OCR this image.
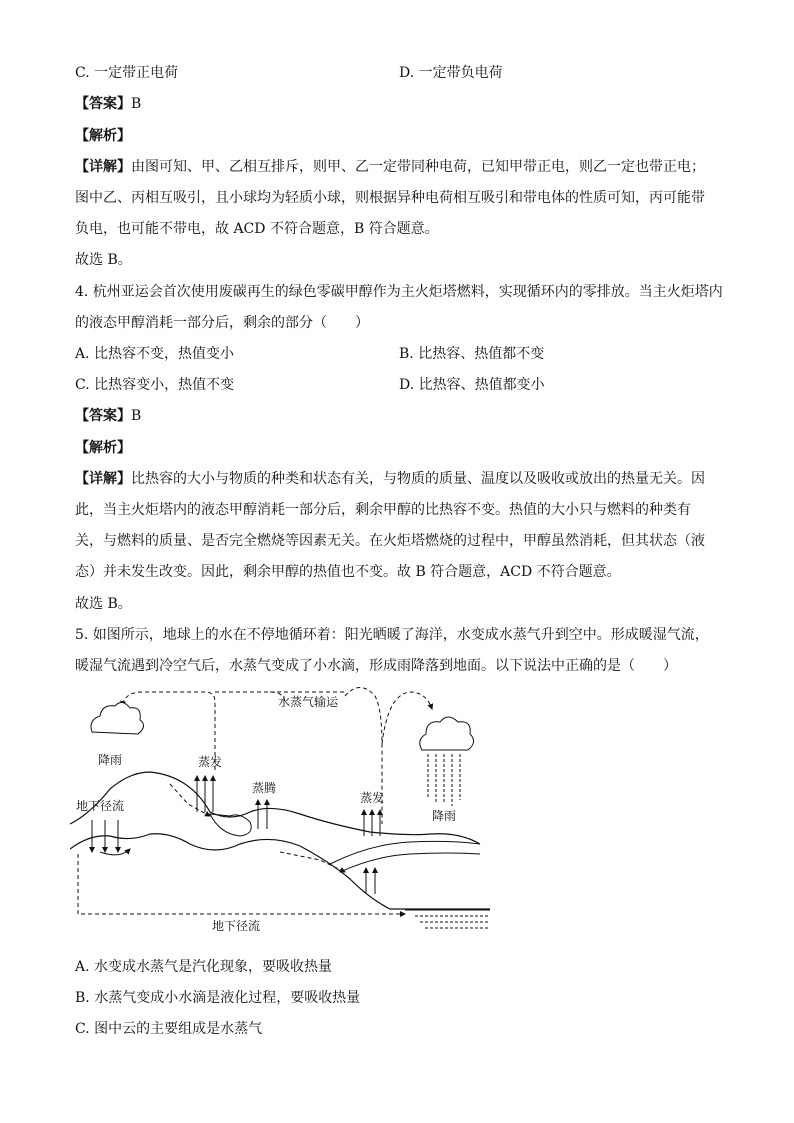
C. 一定带正电荷	D. 一定带负电荷
【答案】B
【解析】
【详解】由图可知、甲、乙相互排斥，则甲、乙一定带同种电荷，已知甲带正电，则乙一定也带正电；
图中乙、丙相互吸引，且小球均为轻质小球，则根据异种电荷相互吸引和带电体的性质可知，丙可能带
负电，也可能不带电，故 ACD 不符合题意，B 符合题意。
故选 B。
4. 杭州亚运会首次使用废碳再生的绿色零碳甲醇作为主火炬塔燃料，实现循环内的零排放。当主火炬塔内
的液态甲醇消耗一部分后，剩余的部分（　　）
A. 比热容不变，热值变小	B. 比热容、热值都不变
C. 比热容变小，热值不变	D. 比热容、热值都变小
【答案】B
【解析】
【详解】比热容的大小与物质的种类和状态有关，与物质的质量、温度以及吸收或放出的热量无关。因
此，当主火炬塔内的液态甲醇消耗一部分后，剩余甲醇的比热容不变。热值的大小只与燃料的种类有
关，与燃料的质量、是否完全燃烧等因素无关。在火炬塔燃烧的过程中，甲醇虽然消耗，但其状态（液
态）并未发生改变。因此，剩余甲醇的热值也不变。故 B 符合题意，ACD 不符合题意。
故选 B。
5. 如图所示，地球上的水在不停地循环着：阳光晒暖了海洋，水变成水蒸气升到空中。形成暖湿气流，
暖湿气流遇到冷空气后，水蒸气变成了小水滴，形成雨降落到地面。以下说法中正确的是（　　）
水蒸气输运
降雨
降雨
蒸发
蒸腾
蒸发
地下径流
地下径流
A. 水变成水蒸气是汽化现象，要吸收热量
B. 水蒸气变成小水滴是液化过程，要吸收热量
C. 图中云的主要组成是水蒸气
